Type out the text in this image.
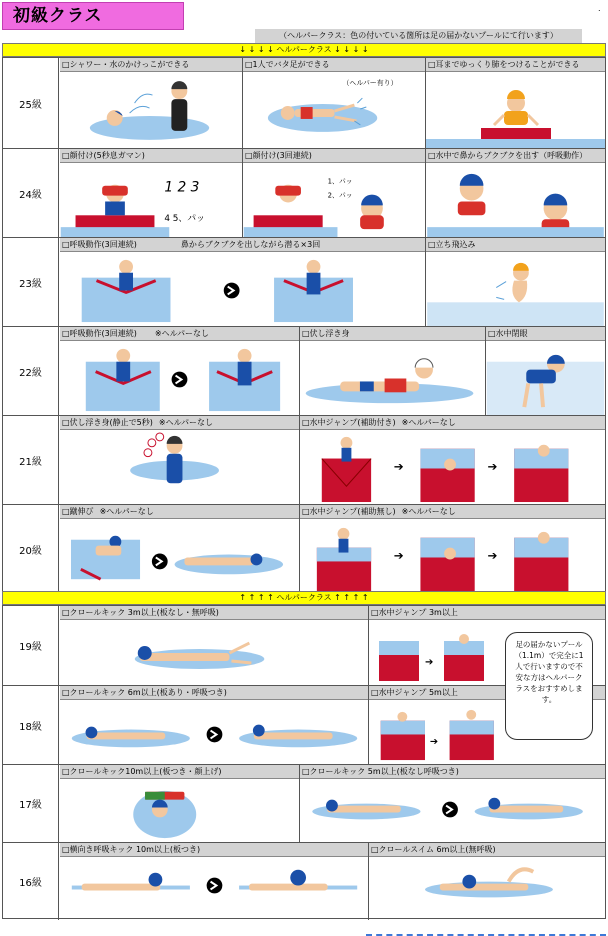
初級クラス	.
（ヘルパークラス：色の付いている箇所は足の届かないプールにて行います）
↓ ↓ ↓ ↓ ヘルパークラス ↓ ↓ ↓ ↓
25級
□シャワー・水のかけっこができる	□1人でバタ足ができる
（ヘルパー有り）
□耳までゆっくり肺をつけることができる
24級
□顔付け(5秒息ガマン)
1 2 3
4 5、パッ
□顔付け(3回連続)
1、パッ
2、パッ
□水中で鼻からブクブクを出す（呼吸動作）
23級
□呼吸動作(3回連続)	鼻からブクブクを出しながら潜る×3回	□立ち飛込み
22級
□呼吸動作(3回連続) ※ヘルパーなし	□伏し浮き身	□水中閉眼
21級
□伏し浮き身(静止で5秒) ※ヘルパーなし	□水中ジャンプ(補助付き) ※ヘルパーなし
➔	➔
20級
□蹴伸び ※ヘルパーなし	□水中ジャンプ(補助無し) ※ヘルパーなし
➔	➔
↑ ↑ ↑ ↑ ヘルパークラス ↑ ↑ ↑ ↑
19級
□クロールキック 3m以上(板なし・無呼吸)	□水中ジャンプ 3m以上
➔
18級
□クロールキック 6m以上(板あり・呼吸つき)	□水中ジャンプ 5m以上
➔
17級
□クロールキック10m以上(板つき・顔上げ)	□クロールキック 5m以上(板なし呼吸つき)
16級
□横向き呼吸キック 10m以上(板つき)	□クロールスイム 6m以上(無呼吸)
足の届かないプール（1.1m）で完全に1人で行いますので不安な方はヘルパークラスをおすすめします。
